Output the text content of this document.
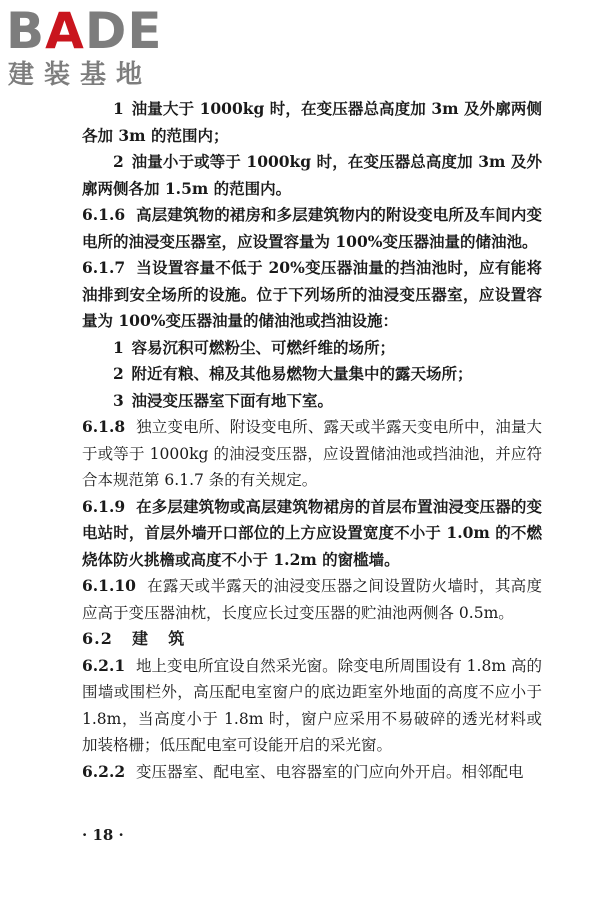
BADE
建装基地

1 油量大于 1000kg 时，在变压器总高度加 3m 及外廓两侧各加 3m 的范围内；

2 油量小于或等于 1000kg 时，在变压器总高度加 3m 及外廓两侧各加 1.5m 的范围内。

6.1.6 高层建筑物的裙房和多层建筑物内的附设变电所及车间内变电所的油浸变压器室，应设置容量为 100%变压器油量的储油池。

6.1.7 当设置容量不低于 20%变压器油量的挡油池时，应有能将油排到安全场所的设施。位于下列场所的油浸变压器室，应设置容量为 100%变压器油量的储油池或挡油设施：

1 容易沉积可燃粉尘、可燃纤维的场所；

2 附近有粮、棉及其他易燃物大量集中的露天场所；

3 油浸变压器室下面有地下室。

6.1.8 独立变电所、附设变电所、露天或半露天变电所中，油量大于或等于 1000kg 的油浸变压器，应设置储油池或挡油池，并应符合本规范第 6.1.7 条的有关规定。

6.1.9 在多层建筑物或高层建筑物裙房的首层布置油浸变压器的变电站时，首层外墙开口部位的上方应设置宽度不小于 1.0m 的不燃烧体防火挑檐或高度不小于 1.2m 的窗槛墙。

6.1.10 在露天或半露天的油浸变压器之间设置防火墙时，其高度应高于变压器油枕，长度应长过变压器的贮油池两侧各 0.5m。

6.2 建 筑

6.2.1 地上变电所宜设自然采光窗。除变电所周围设有 1.8m 高的围墙或围栏外，高压配电室窗户的底边距室外地面的高度不应小于 1.8m，当高度小于 1.8m 时，窗户应采用不易破碎的透光材料或加装格栅；低压配电室可设能开启的采光窗。

6.2.2 变压器室、配电室、电容器室的门应向外开启。相邻配电

· 18 ·
